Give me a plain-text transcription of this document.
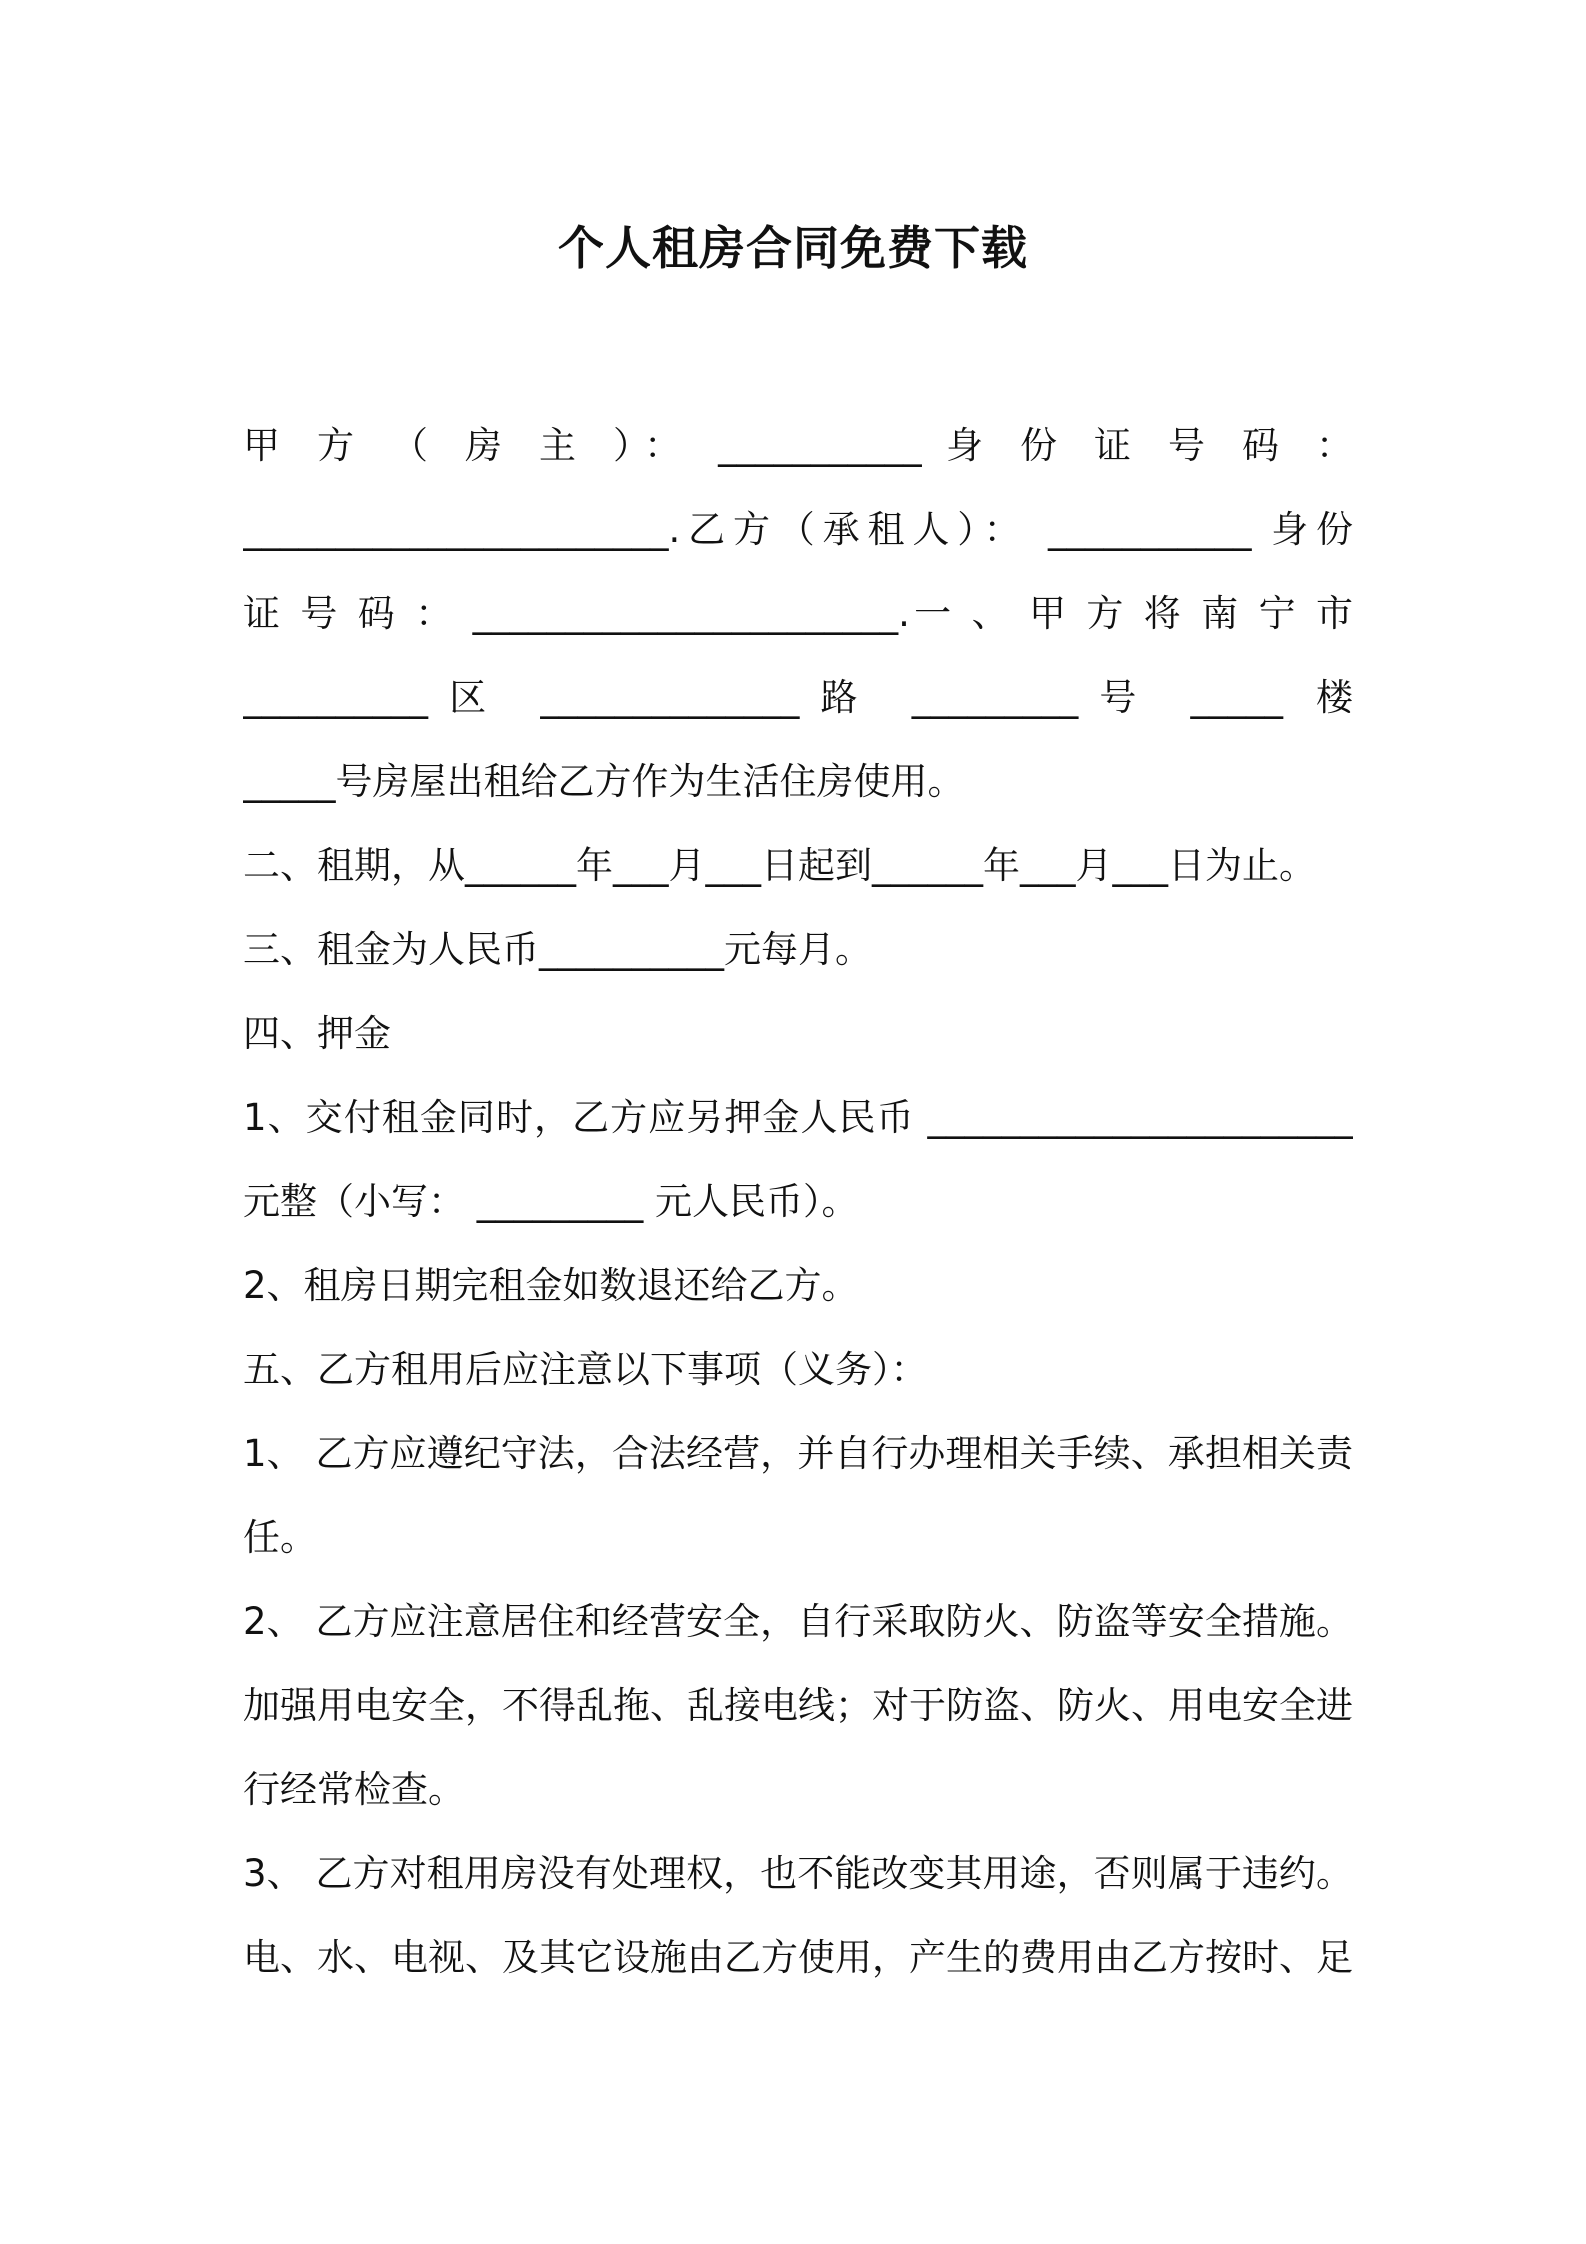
个人租房合同免费下载
甲 方 （ 房 主 ）： ___________ 身 份 证 号 码 ：
_______________________.乙方（承租人）： ___________ 身份
证 号 码 ： _______________________.一 、 甲 方 将 南 宁 市
__________区 ______________路 _________号 _____ 楼
_____号房屋出租给乙方作为生活住房使用。
二、租期，从______年___月___日起到______年___月___日为止。
三、租金为人民币__________元每月。
四、押金
1、交付租金同时，乙方应另押金人民币 _______________________
元整（小写： _________ 元人民币）。
2、租房日期完租金如数退还给乙方。
五、乙方租用后应注意以下事项（义务）：
1、 乙方应遵纪守法，合法经营，并自行办理相关手续、承担相关责
任。
2、 乙方应注意居住和经营安全，自行采取防火、防盗等安全措施。
加强用电安全，不得乱拖、乱接电线；对于防盗、防火、用电安全进
行经常检查。
3、 乙方对租用房没有处理权，也不能改变其用途，否则属于违约。
电、水、电视、及其它设施由乙方使用，产生的费用由乙方按时、足
